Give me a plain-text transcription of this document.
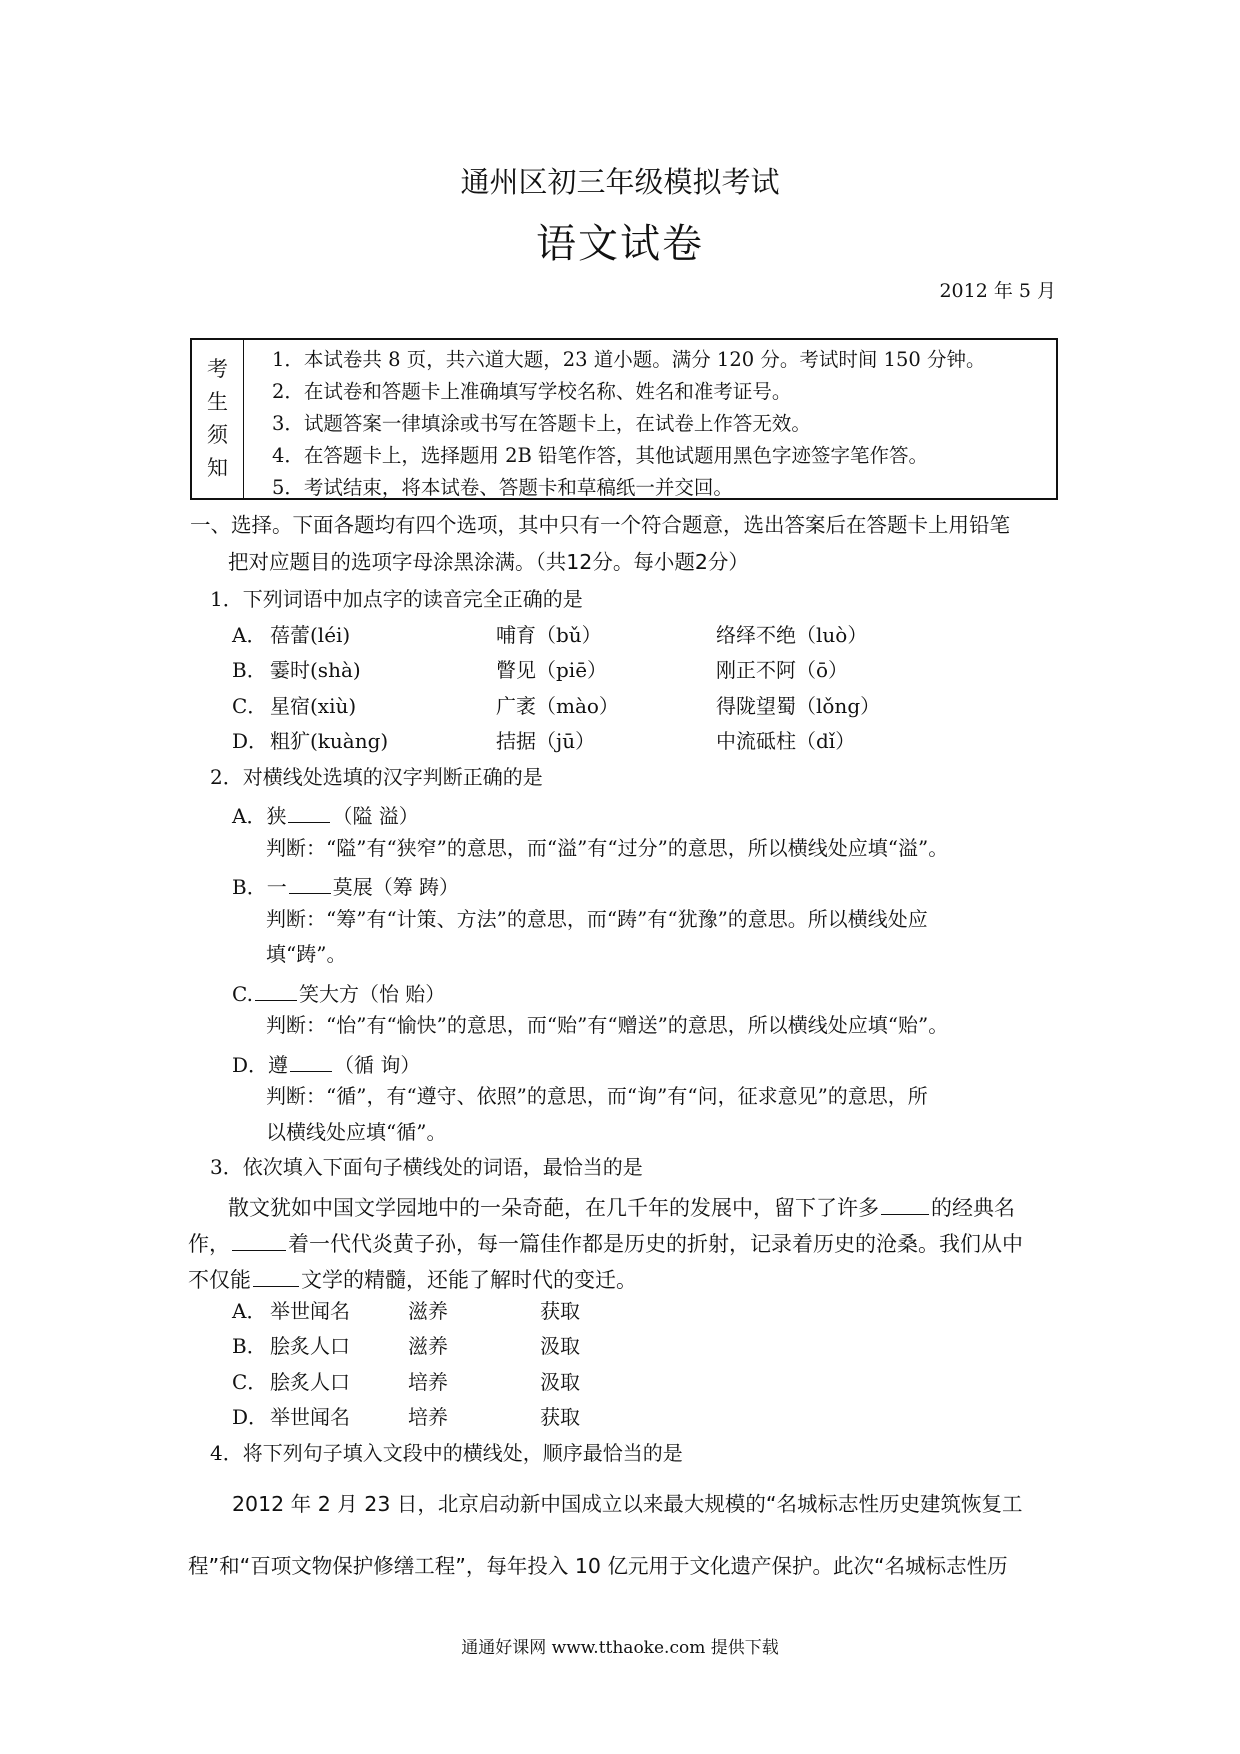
通州区初三年级模拟考试
语文试卷
2012 年 5 月
考
生
须
知
1．本试卷共 8 页，共六道大题，23 道小题。满分 120 分。考试时间 150 分钟。
2．在试卷和答题卡上准确填写学校名称、姓名和准考证号。
3．试题答案一律填涂或书写在答题卡上，在试卷上作答无效。
4．在答题卡上，选择题用 2B 铅笔作答，其他试题用黑色字迹签字笔作答。
5．考试结束，将本试卷、答题卡和草稿纸一并交回。
一、选择。下面各题均有四个选项，其中只有一个符合题意，选出答案后在答题卡上用铅笔
把对应题目的选项字母涂黑涂满。（共12分。每小题2分）
1．下列词语中加点字的读音完全正确的是
A． 蓓蕾(léi)	哺育（bǔ）	络绎不绝（luò）
B． 霎时(shà)	瞥见（piē）	刚正不阿（ō）
C． 星宿(xiù)	广袤（mào）	得陇望蜀（lǒng）
D． 粗犷(kuàng)	拮据（jū）	中流砥柱（dǐ）
2．对横线处选填的汉字判断正确的是
A．狭 （隘 溢）
判断：“隘”有“狭窄”的意思，而“溢”有“过分”的意思，所以横线处应填“溢”。
B．一 莫展（筹 踌）
判断：“筹”有“计策、方法”的意思，而“踌”有“犹豫”的意思。所以横线处应
填“踌”。
C. 笑大方（怡 贻）
判断：“怡”有“愉快”的意思，而“贻”有“赠送”的意思，所以横线处应填“贻”。
D．遵 （循 询）
判断：“循”，有“遵守、依照”的意思，而“询”有“问，征求意见”的意思，所
以横线处应填“循”。
3．依次填入下面句子横线处的词语，最恰当的是
散文犹如中国文学园地中的一朵奇葩，在几千年的发展中，留下了许多 的经典名
作，	着一代代炎黄子孙，每一篇佳作都是历史的折射，记录着历史的沧桑。我们从中
不仅能 文学的精髓，还能了解时代的变迁。
A． 举世闻名	滋养	获取
B． 脍炙人口	滋养	汲取
C． 脍炙人口	培养	汲取
D． 举世闻名	培养	获取
4．将下列句子填入文段中的横线处，顺序最恰当的是
2012 年 2 月 23 日，北京启动新中国成立以来最大规模的“名城标志性历史建筑恢复工
程”和“百项文物保护修缮工程”，每年投入 10 亿元用于文化遗产保护。此次“名城标志性历
通通好课网 www.tthaoke.com 提供下载
